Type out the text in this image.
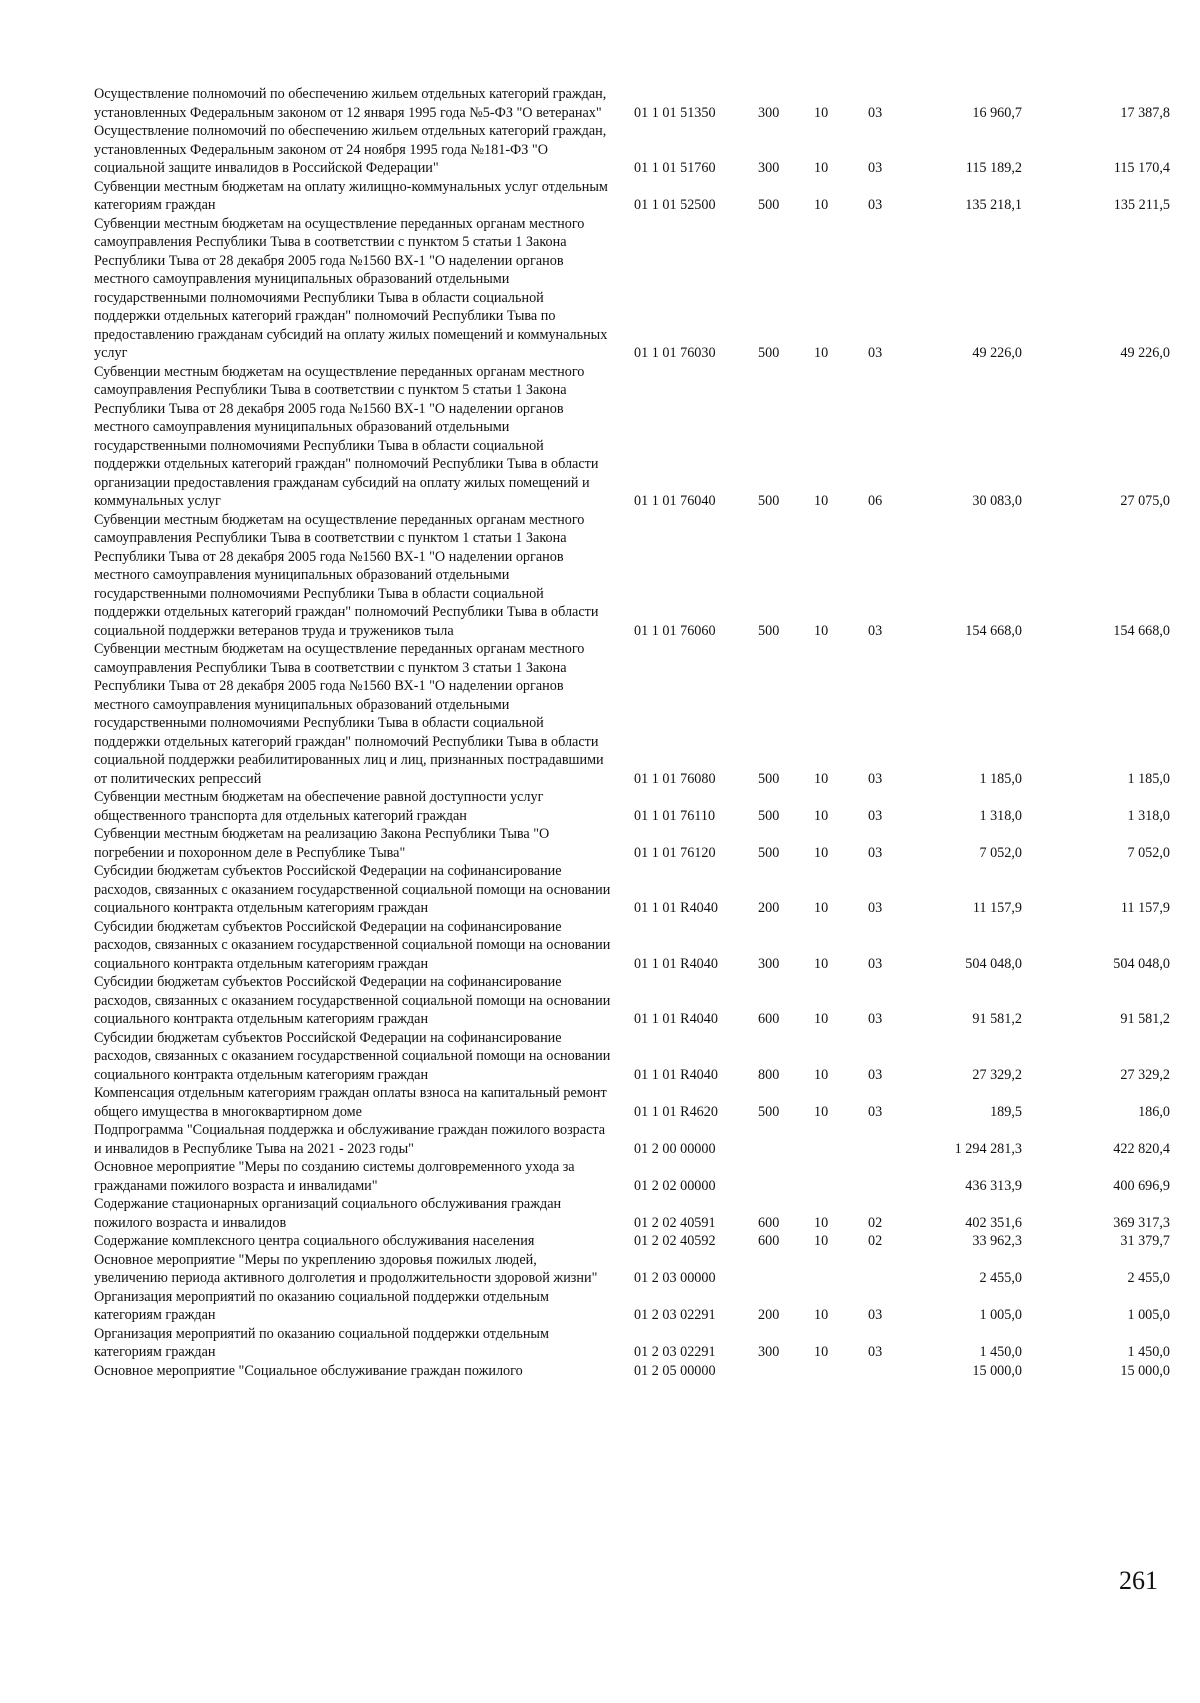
Осуществление полномочий по обеспечению жильем отдельных категорий граждан, установленных Федеральным законом от 12 января 1995 года №5-ФЗ "О ветеранах"	01 1 01 51350	300	10	03	16 960,7	17 387,8
Осуществление полномочий по обеспечению жильем отдельных категорий граждан, установленных Федеральным законом от 24 ноября 1995 года №181-ФЗ "О социальной защите инвалидов в Российской Федерации"	01 1 01 51760	300	10	03	115 189,2	115 170,4
Субвенции местным бюджетам на оплату жилищно-коммунальных услуг отдельным категориям граждан	01 1 01 52500	500	10	03	135 218,1	135 211,5
Субвенции местным бюджетам на осуществление переданных органам местного самоуправления Республики Тыва в соответствии с пунктом 5 статьи 1 Закона Республики Тыва от 28 декабря 2005 года №1560 ВХ-1 "О наделении органов местного самоуправления муниципальных образований отдельными государственными полномочиями Республики Тыва в области социальной поддержки отдельных категорий граждан" полномочий Республики Тыва по предоставлению гражданам субсидий на оплату жилых помещений и коммунальных услуг	01 1 01 76030	500	10	03	49 226,0	49 226,0
Субвенции местным бюджетам на осуществление переданных органам местного самоуправления Республики Тыва в соответствии с пунктом 5 статьи 1 Закона Республики Тыва от 28 декабря 2005 года №1560 ВХ-1 "О наделении органов местного самоуправления муниципальных образований отдельными государственными полномочиями Республики Тыва в области социальной поддержки отдельных категорий граждан" полномочий Республики Тыва в области организации предоставления гражданам субсидий на оплату жилых помещений и коммунальных услуг	01 1 01 76040	500	10	06	30 083,0	27 075,0
Субвенции местным бюджетам на осуществление переданных органам местного самоуправления Республики Тыва в соответствии с пунктом 1 статьи 1 Закона Республики Тыва от 28 декабря 2005 года №1560 ВХ-1 "О наделении органов местного самоуправления муниципальных образований отдельными государственными полномочиями Республики Тыва в области социальной поддержки отдельных категорий граждан" полномочий Республики Тыва в области социальной поддержки ветеранов труда и тружеников тыла	01 1 01 76060	500	10	03	154 668,0	154 668,0
Субвенции местным бюджетам на осуществление переданных органам местного самоуправления Республики Тыва в соответствии с пунктом 3 статьи 1 Закона Республики Тыва от 28 декабря 2005 года №1560 ВХ-1 "О наделении органов местного самоуправления муниципальных образований отдельными государственными полномочиями Республики Тыва в области социальной поддержки отдельных категорий граждан" полномочий Республики Тыва в области социальной поддержки реабилитированных лиц и лиц, признанных пострадавшими от политических репрессий	01 1 01 76080	500	10	03	1 185,0	1 185,0
Субвенции местным бюджетам на обеспечение равной доступности услуг общественного транспорта для отдельных категорий граждан	01 1 01 76110	500	10	03	1 318,0	1 318,0
Субвенции местным бюджетам на реализацию Закона Республики Тыва "О погребении и похоронном деле в Республике Тыва"	01 1 01 76120	500	10	03	7 052,0	7 052,0
Субсидии бюджетам субъектов Российской Федерации на софинансирование расходов, связанных с оказанием государственной социальной помощи на основании социального контракта отдельным категориям граждан	01 1 01 R4040	200	10	03	11 157,9	11 157,9
Субсидии бюджетам субъектов Российской Федерации на софинансирование расходов, связанных с оказанием государственной социальной помощи на основании социального контракта отдельным категориям граждан	01 1 01 R4040	300	10	03	504 048,0	504 048,0
Субсидии бюджетам субъектов Российской Федерации на софинансирование расходов, связанных с оказанием государственной социальной помощи на основании социального контракта отдельным категориям граждан	01 1 01 R4040	600	10	03	91 581,2	91 581,2
Субсидии бюджетам субъектов Российской Федерации на софинансирование расходов, связанных с оказанием государственной социальной помощи на основании социального контракта отдельным категориям граждан	01 1 01 R4040	800	10	03	27 329,2	27 329,2
Компенсация отдельным категориям граждан оплаты взноса на капитальный ремонт общего имущества в многоквартирном доме	01 1 01 R4620	500	10	03	189,5	186,0
Подпрограмма "Социальная поддержка и обслуживание граждан пожилого возраста и инвалидов в Республике Тыва на 2021 - 2023 годы"	01 2 00 00000				1 294 281,3	422 820,4
Основное мероприятие "Меры по созданию системы долговременного ухода за гражданами пожилого возраста и инвалидами"	01 2 02 00000				436 313,9	400 696,9
Содержание стационарных организаций социального обслуживания граждан пожилого возраста и инвалидов	01 2 02 40591	600	10	02	402 351,6	369 317,3
Содержание комплексного центра социального обслуживания населения	01 2 02 40592	600	10	02	33 962,3	31 379,7
Основное мероприятие "Меры по укреплению здоровья пожилых людей, увеличению периода активного долголетия и продолжительности здоровой жизни"	01 2 03 00000				2 455,0	2 455,0
Организация мероприятий по оказанию социальной поддержки отдельным категориям граждан	01 2 03 02291	200	10	03	1 005,0	1 005,0
Организация мероприятий по оказанию социальной поддержки отдельным категориям граждан	01 2 03 02291	300	10	03	1 450,0	1 450,0
Основное мероприятие "Социальное обслуживание граждан пожилого	01 2 05 00000				15 000,0	15 000,0
261
